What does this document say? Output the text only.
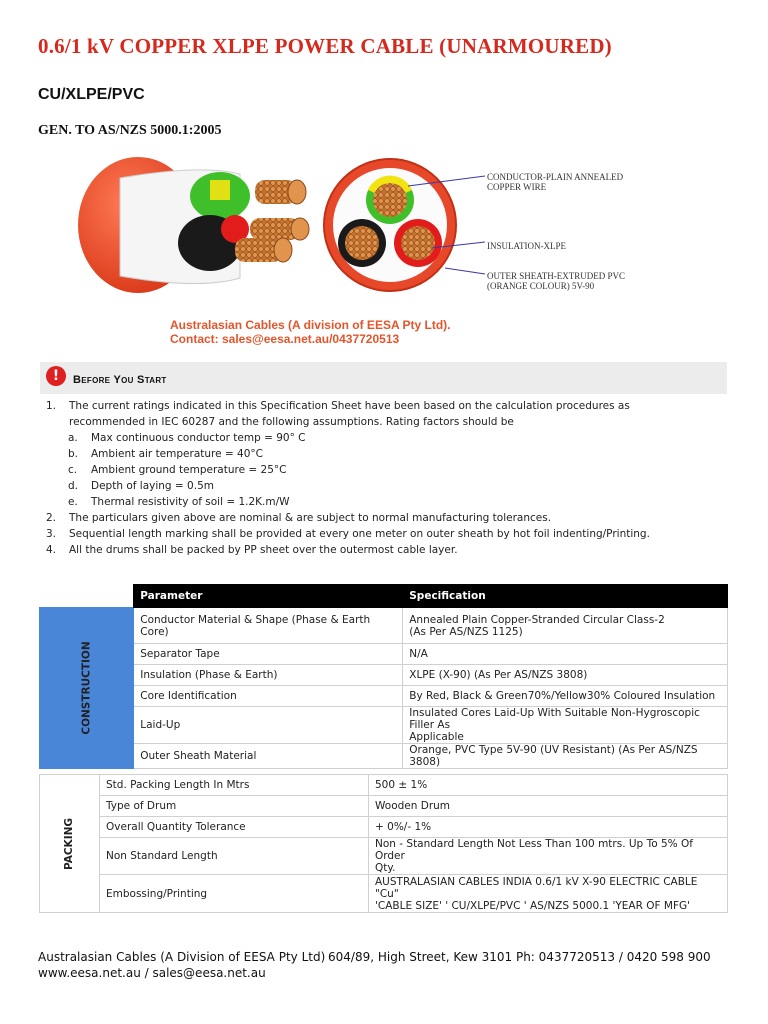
0.6/1 kV COPPER XLPE POWER CABLE (UNARMOURED)
CU/XLPE/PVC
GEN. TO AS/NZS 5000.1:2005
CONDUCTOR-PLAIN ANNEALED
COPPER WIRE
INSULATION-XLPE
OUTER SHEATH-EXTRUDED PVC
(ORANGE COLOUR) 5V-90
Australasian Cables (A division of EESA Pty Ltd).
Contact: sales@eesa.net.au/0437720513
!	Before You Start
1. The current ratings indicated in this Specification Sheet have been based on the calculation procedures as
recommended in IEC 60287 and the following assumptions. Rating factors should be
a. Max continuous conductor temp = 90° C
b. Ambient air temperature = 40°C
c. Ambient ground temperature = 25°C
d. Depth of laying = 0.5m
e. Thermal resistivity of soil = 1.2K.m/W
2. The particulars given above are nominal & are subject to normal manufacturing tolerances.
3. Sequential length marking shall be provided at every one meter on outer sheath by hot foil indenting/Printing.
4. All the drums shall be packed by PP sheet over the outermost cable layer.
	Parameter	Specification
CONSTRUCTION	Conductor Material & Shape (Phase & Earth Core)	Annealed Plain Copper-Stranded Circular Class-2
(As Per AS/NZS 1125)

	Separator Tape	N/A
	Insulation (Phase & Earth)	XLPE (X-90) (As Per AS/NZS 3808)
	Core Identification	By Red, Black & Green70%/Yellow30% Coloured Insulation
	Laid-Up	Insulated Cores Laid-Up With Suitable Non-Hygroscopic Filler As
Applicable

	Outer Sheath Material	Orange, PVC Type 5V-90 (UV Resistant) (As Per AS/NZS 3808)
PACKING	Std. Packing Length In Mtrs	500 ± 1%
	Type of Drum	Wooden Drum
	Overall Quantity Tolerance	+ 0%/- 1%
	Non Standard Length	Non - Standard Length Not Less Than 100 mtrs. Up To 5% Of Order
Qty.

	Embossing/Printing	AUSTRALASIAN CABLES INDIA 0.6/1 kV X-90 ELECTRIC CABLE "Cu"
'CABLE SIZE' ' CU/XLPE/PVC ' AS/NZS 5000.1 'YEAR OF MFG'
Australasian Cables (A Division of EESA Pty Ltd) 604/89, High Street, Kew 3101 Ph: 0437720513 / 0420 598 900
www.eesa.net.au / sales@eesa.net.au
